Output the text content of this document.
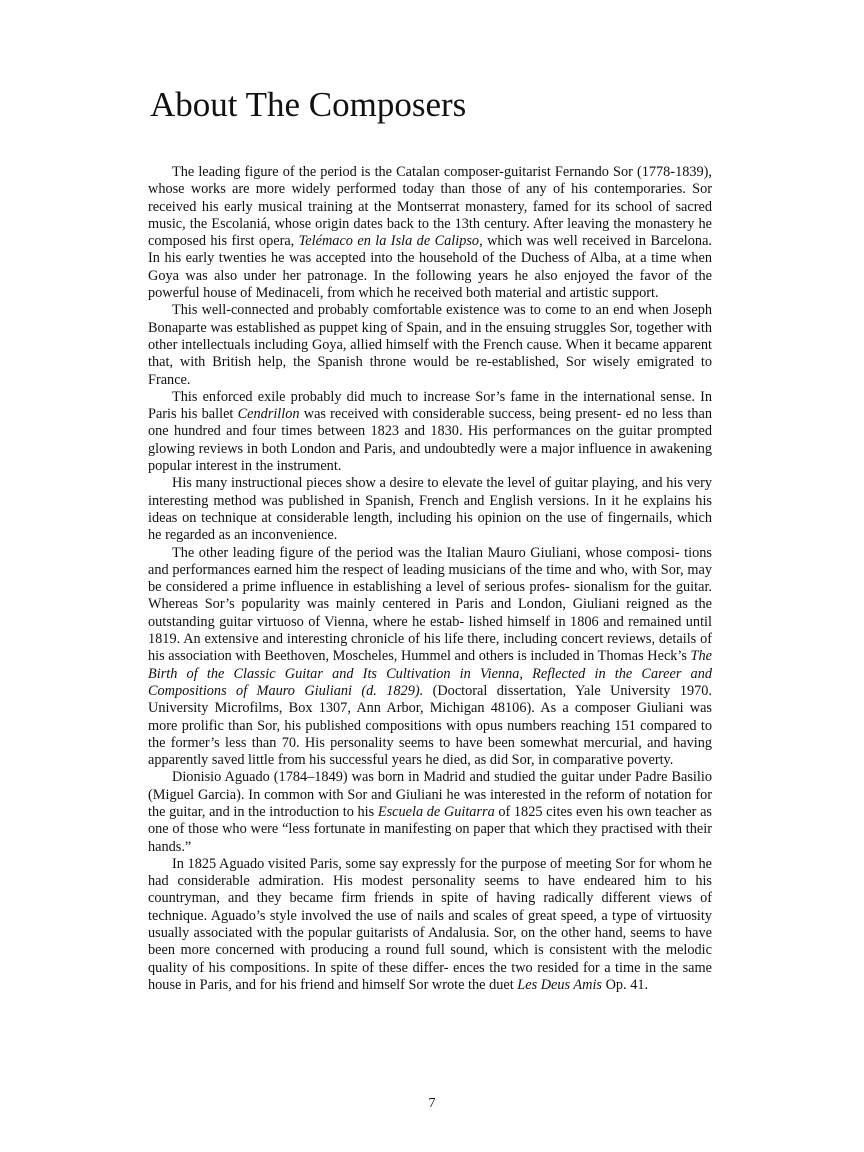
About The Composers

The leading figure of the period is the Catalan composer-guitarist Fernando Sor (1778-1839), whose works are more widely performed today than those of any of his contemporaries. Sor received his early musical training at the Montserrat monastery, famed for its school of sacred music, the Escolaniá, whose origin dates back to the 13th century. After leaving the monastery he composed his first opera, Telémaco en la Isla de Calipso, which was well received in Barcelona. In his early twenties he was accepted into the household of the Duchess of Alba, at a time when Goya was also under her patronage. In the following years he also enjoyed the favor of the powerful house of Medinaceli, from which he received both material and artistic support.

This well-connected and probably comfortable existence was to come to an end when Joseph Bonaparte was established as puppet king of Spain, and in the ensuing struggles Sor, together with other intellectuals including Goya, allied himself with the French cause. When it became apparent that, with British help, the Spanish throne would be re-established, Sor wisely emigrated to France.

This enforced exile probably did much to increase Sor’s fame in the international sense. In Paris his ballet Cendrillon was received with considerable success, being present- ed no less than one hundred and four times between 1823 and 1830. His performances on the guitar prompted glowing reviews in both London and Paris, and undoubtedly were a major influence in awakening popular interest in the instrument.

His many instructional pieces show a desire to elevate the level of guitar playing, and his very interesting method was published in Spanish, French and English versions. In it he explains his ideas on technique at considerable length, including his opinion on the use of fingernails, which he regarded as an inconvenience.

The other leading figure of the period was the Italian Mauro Giuliani, whose composi- tions and performances earned him the respect of leading musicians of the time and who, with Sor, may be considered a prime influence in establishing a level of serious profes- sionalism for the guitar. Whereas Sor’s popularity was mainly centered in Paris and London, Giuliani reigned as the outstanding guitar virtuoso of Vienna, where he estab- lished himself in 1806 and remained until 1819. An extensive and interesting chronicle of his life there, including concert reviews, details of his association with Beethoven, Moscheles, Hummel and others is included in Thomas Heck’s The Birth of the Classic Guitar and Its Cultivation in Vienna, Reflected in the Career and Compositions of Mauro Giuliani (d. 1829). (Doctoral dissertation, Yale University 1970. University Microfilms, Box 1307, Ann Arbor, Michigan 48106). As a composer Giuliani was more prolific than Sor, his published compositions with opus numbers reaching 151 compared to the former’s less than 70. His personality seems to have been somewhat mercurial, and having apparently saved little from his successful years he died, as did Sor, in comparative poverty.

Dionisio Aguado (1784–1849) was born in Madrid and studied the guitar under Padre Basilio (Miguel Garcia). In common with Sor and Giuliani he was interested in the reform of notation for the guitar, and in the introduction to his Escuela de Guitarra of 1825 cites even his own teacher as one of those who were “less fortunate in manifesting on paper that which they practised with their hands.”

In 1825 Aguado visited Paris, some say expressly for the purpose of meeting Sor for whom he had considerable admiration. His modest personality seems to have endeared him to his countryman, and they became firm friends in spite of having radically different views of technique. Aguado’s style involved the use of nails and scales of great speed, a type of virtuosity usually associated with the popular guitarists of Andalusia. Sor, on the other hand, seems to have been more concerned with producing a round full sound, which is consistent with the melodic quality of his compositions. In spite of these differ- ences the two resided for a time in the same house in Paris, and for his friend and himself Sor wrote the duet Les Deus Amis Op. 41.

7
